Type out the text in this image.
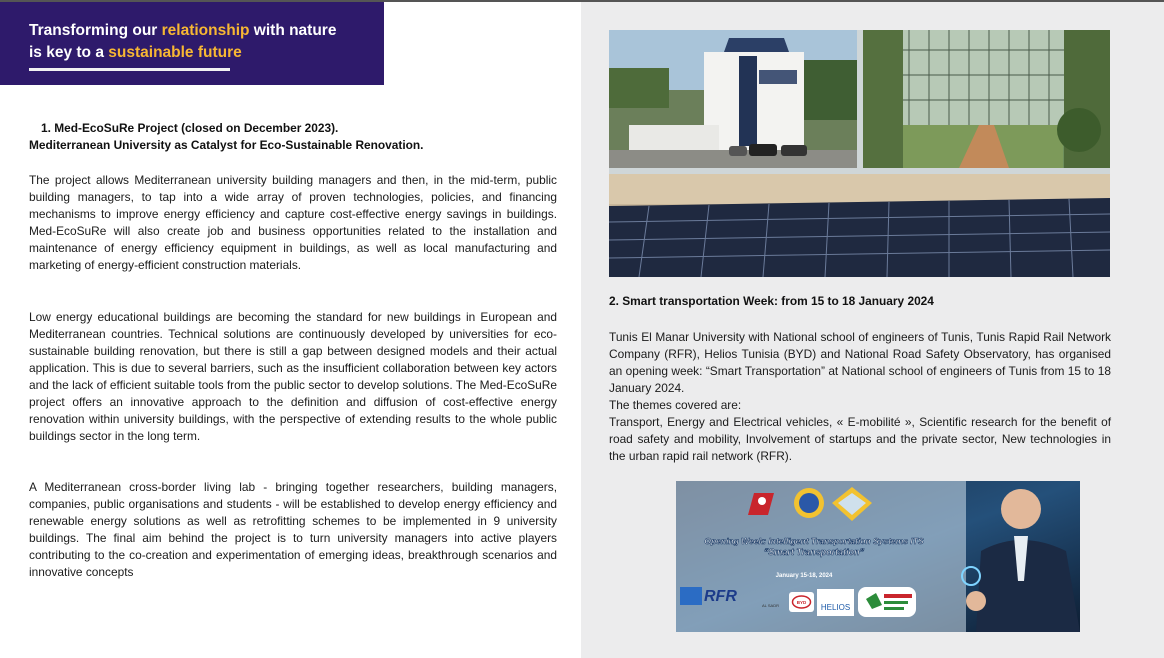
Transforming our relationship with nature
is key to a sustainable future
1. Med-EcoSuRe Project (closed on December 2023).
Mediterranean University as Catalyst for Eco-Sustainable Renovation.
The project allows Mediterranean university building managers and then, in the mid-term, public building managers, to tap into a wide array of proven technologies, policies, and financing mechanisms to improve energy efficiency and capture cost-effective energy savings in buildings. Med-EcoSuRe will also create job and business opportunities related to the installation and maintenance of energy efficiency equipment in buildings, as well as local manufacturing and marketing of energy-efficient construction materials.
Low energy educational buildings are becoming the standard for new buildings in European and Mediterranean countries. Technical solutions are continuously developed by universities for eco-sustainable building renovation, but there is still a gap between designed models and their actual application. This is due to several barriers, such as the insufficient collaboration between key actors and the lack of efficient suitable tools from the public sector to develop solutions. The Med-EcoSuRe project offers an innovative approach to the definition and diffusion of cost-effective energy renovation within university buildings, with the perspective of extending results to the whole public buildings sector in the long term.
A Mediterranean cross-border living lab - bringing together researchers, building managers, companies, public organisations and students - will be established to develop energy efficiency and renewable energy solutions as well as retrofitting schemes to be implemented in 9 university buildings. The final aim behind the project is to turn university managers into active players contributing to the co-creation and experimentation of emerging ideas, breakthrough scenarios and innovative concepts
2. Smart transportation Week: from 15 to 18 January 2024
Tunis El Manar University with National school of engineers of Tunis, Tunis Rapid Rail Network Company (RFR), Helios Tunisia (BYD) and National Road Safety Observatory, has organised an opening week: “Smart Transportation” at National school of engineers of Tunis from 15 to 18 January 2024.
The themes covered are:
Transport, Energy and Electrical vehicles, « E-mobilité », Scientific research for the benefit of road safety and mobility, Involvement of startups and the private sector, New technologies in the urban rapid rail network (RFR).
Opening Week: Intelligent Transportation Systems ITS
“Smart Transportation”
January 15-18, 2024
RFR
AL SADR
BYD
HELIOS
